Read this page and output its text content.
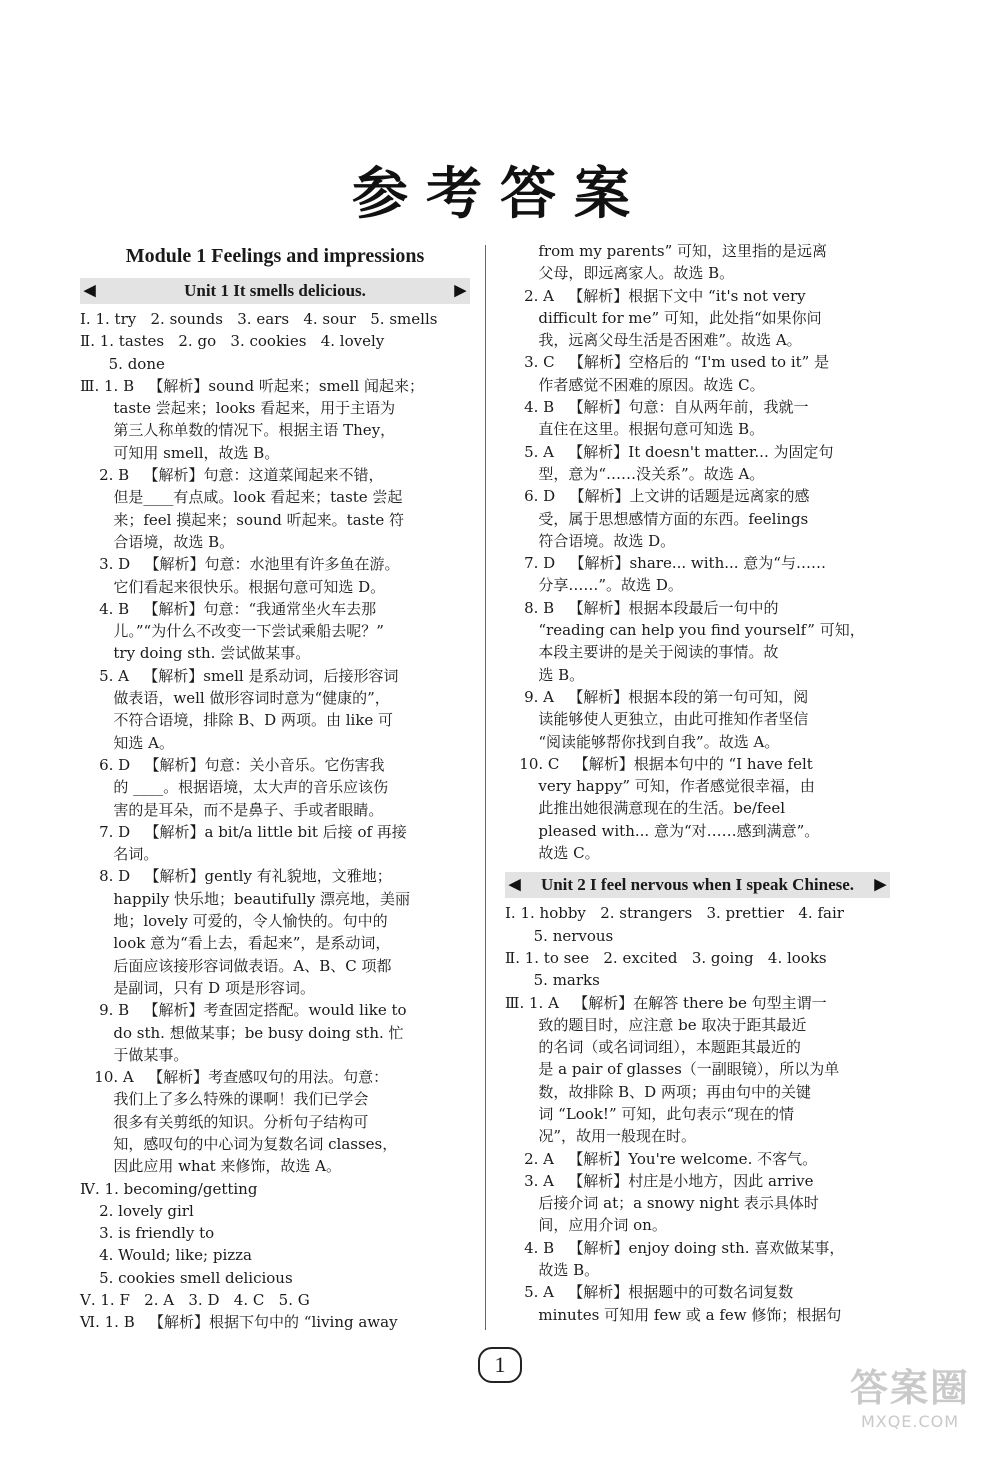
参考答案
Module 1 Feelings and impressions
◀	Unit 1 It smells delicious.	▶
Ⅰ. 1. try   2. sounds   3. ears   4. sour   5. smells
Ⅱ. 1. tastes   2. go   3. cookies   4. lovely
5. done
Ⅲ. 1. B   【解析】sound 听起来；smell 闻起来；
taste 尝起来；looks 看起来，用于主语为
第三人称单数的情况下。根据主语 They，
可知用 smell，故选 B。
2. B   【解析】句意：这道菜闻起来不错，
但是____有点咸。look 看起来；taste 尝起
来；feel 摸起来；sound 听起来。taste 符
合语境，故选 B。
3. D   【解析】句意：水池里有许多鱼在游。
它们看起来很快乐。根据句意可知选 D。
4. B   【解析】句意：“我通常坐火车去那
儿。”“为什么不改变一下尝试乘船去呢？”
try doing sth. 尝试做某事。
5. A   【解析】smell 是系动词，后接形容词
做表语，well 做形容词时意为“健康的”，
不符合语境，排除 B、D 两项。由 like 可
知选 A。
6. D   【解析】句意：关小音乐。它伤害我
的 ____。根据语境，太大声的音乐应该伤
害的是耳朵，而不是鼻子、手或者眼睛。
7. D   【解析】a bit/a little bit 后接 of 再接
名词。
8. D   【解析】gently 有礼貌地，文雅地；
happily 快乐地；beautifully 漂亮地，美丽
地；lovely 可爱的，令人愉快的。句中的
look 意为“看上去，看起来”，是系动词，
后面应该接形容词做表语。A、B、C 项都
是副词，只有 D 项是形容词。
9. B   【解析】考查固定搭配。would like to
do sth. 想做某事；be busy doing sth. 忙
于做某事。
10. A   【解析】考查感叹句的用法。句意：
我们上了多么特殊的课啊！我们已学会
很多有关剪纸的知识。分析句子结构可
知，感叹句的中心词为复数名词 classes，
因此应用 what 来修饰，故选 A。
Ⅳ. 1. becoming/getting
2. lovely girl
3. is friendly to
4. Would; like; pizza
5. cookies smell delicious
Ⅴ. 1. F   2. A   3. D   4. C   5. G
Ⅵ. 1. B   【解析】根据下句中的 “living away
from my parents” 可知，这里指的是远离
父母，即远离家人。故选 B。
2. A   【解析】根据下文中 “it's not very
difficult for me” 可知，此处指“如果你问
我，远离父母生活是否困难”。故选 A。
3. C   【解析】空格后的 “I'm used to it” 是
作者感觉不困难的原因。故选 C。
4. B   【解析】句意：自从两年前，我就一
直住在这里。根据句意可知选 B。
5. A   【解析】It doesn't matter... 为固定句
型，意为“……没关系”。故选 A。
6. D   【解析】上文讲的话题是远离家的感
受，属于思想感情方面的东西。feelings
符合语境。故选 D。
7. D   【解析】share... with... 意为“与……
分享……”。故选 D。
8. B   【解析】根据本段最后一句中的
“reading can help you find yourself” 可知，
本段主要讲的是关于阅读的事情。故
选 B。
9. A   【解析】根据本段的第一句可知，阅
读能够使人更独立，由此可推知作者坚信
“阅读能够帮你找到自我”。故选 A。
10. C   【解析】根据本句中的 “I have felt
very happy” 可知，作者感觉很幸福，由
此推出她很满意现在的生活。be/feel
pleased with... 意为“对……感到满意”。
故选 C。
◀ Unit 2 I feel nervous when I speak Chinese. ▶
Ⅰ. 1. hobby   2. strangers   3. prettier   4. fair
5. nervous
Ⅱ. 1. to see   2. excited   3. going   4. looks
5. marks
Ⅲ. 1. A   【解析】在解答 there be 句型主谓一
致的题目时，应注意 be 取决于距其最近
的名词（或名词词组），本题距其最近的
是 a pair of glasses（一副眼镜），所以为单
数，故排除 B、D 两项；再由句中的关键
词 “Look!” 可知，此句表示“现在的情
况”，故用一般现在时。
2. A   【解析】You're welcome. 不客气。
3. A   【解析】村庄是小地方，因此 arrive
后接介词 at；a snowy night 表示具体时
间，应用介词 on。
4. B   【解析】enjoy doing sth. 喜欢做某事，
故选 B。
5. A   【解析】根据题中的可数名词复数
minutes 可知用 few 或 a few 修饰；根据句
1
答案圈
MXQE.COM
